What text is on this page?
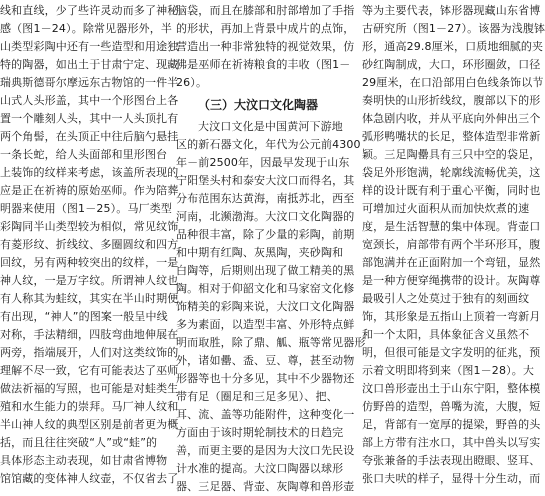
线和直线，少了些许灵动而多了神秘
感（图1－24）。除常见器形外，半
山类型彩陶中还有一些造型和用途独
特的陶器，如出土于甘肃宁定、现藏
瑞典斯德哥尔摩远东古物馆的一件半
山式人头形盖，其中一个形图台上各
置一个雕刻人头，其中一人头顶扎有
两个角髻，在头顶正中往后脑勺悬挂
一条长蛇，给人头面部和里形图台
上装饰的纹样来考虑，该盖所表现的
应是正在祈祷的原始巫师。作为陪葬
明器来使用（图1－25）。马厂类型
彩陶同半山类型较为相似，常见纹饰
有菱形纹、折线纹、多圈圆纹和四方
回纹，另有两种较突出的纹样，一是
神人纹，一是万字纹。所谓神人纹也
有人称其为蛙纹，其实在半山时期便
有出现，“神人”的图案一般呈中线
对称，手法精细，四肢弯曲地伸展在
两旁，指端展开，人们对这类纹饰的
理解不尽一致，它有可能表达了巫师
做法祈福的写照，也可能是对蛙类生
殖和水生能力的崇拜。马厂神人纹和
半山神人纹的典型区别是前者更为概
括，而且往往突破“人”或“蛙”的
具体形态主动表现，如甘肃省博物
馆馆藏的变体神人纹壶，不仅省去了
脑袋，而且在膝部和肘部增加了手指
的形状，再加上背景中成片的点饰，
营造出一种非常独特的视觉效果，仿
佛是巫师在祈祷粮食的丰收（图1－
26）。
（三）大汶口文化陶器
大汶口文化是中国黄河下游地
区的新石器文化，年代为公元前4300
年－前2500年，因最早发现于山东
宁阳堡头村和泰安大汶口而得名，其
分布范围东达黄海，南抵苏北，西至
河南，北濒渤海。大汶口文化陶器的
品种很丰富，除了少量的彩陶，前期
和中期有红陶、灰黑陶，夹砂陶和
白陶等，后期则出现了做工精美的黑
陶。相对于仰韶文化和马家窑文化修
饰精美的彩陶来说，大汶口文化陶器
多为素面，以造型丰富、外形特点鲜
明而取胜，除了鼎、觚、瓶等常见器形
外，诸如罍、盉、豆、尊，甚至动物
形器等也十分多见，其中不少器物还
带有足（圈足和三足多见）、把、
耳、流、盖等功能附件，这种变化一
方面由于该时期轮制技术的日趋完
善，而更主要的是因为大汶口先民设
计水准的提高。大汶口陶器以球形
器、三足器、背壶、灰陶尊和兽形壶
等为主要代表，钵形器现藏山东省博
古研究所（图1－27）。该器为浅腹钵
形，通高29.8厘米，口质地细腻的夹
砂红陶制成，大口，环形圈敛，口径
29厘米，在口沿部用白色线条饰以节
奏明快的山形折线纹，腹部以下的形
体急剧内收，并从平底向外伸出三个
弧形鸭嘴状的长足，整体造型非常新
颖。三足陶罍具有三只中空的袋足，
袋足外形饱满，轮廓线流畅优美，这
样的设计既有利于重心平衡，同时也
可增加过火面积从而加快炊煮的速
度，是生活智慧的集中体现。背壶口
宽颈长，肩部带有两个半环形耳，腹
部饱满并在正面附加一个弯钮，显然
是一种方便穿绳携带的设计。灰陶尊
最吸引人之处莫过于独有的刻画纹
饰，其形象是五指山上顶着一弯新月
和一个太阳，具体象征含义虽然不
明，但很可能是文字发明的征兆，预
示着文明即将到来（图1－28）。大
汶口兽形壶出土于山东宁阳，整体模
仿野兽的造型，兽嘴为流，大腹，短
足，背部有一宽厚的提梁，野兽的头
部上方带有注水口，其中兽头以写实
夸张兼备的手法表现出瞪眼、竖耳、
张口夫吠的样子，显得十分生动，而
